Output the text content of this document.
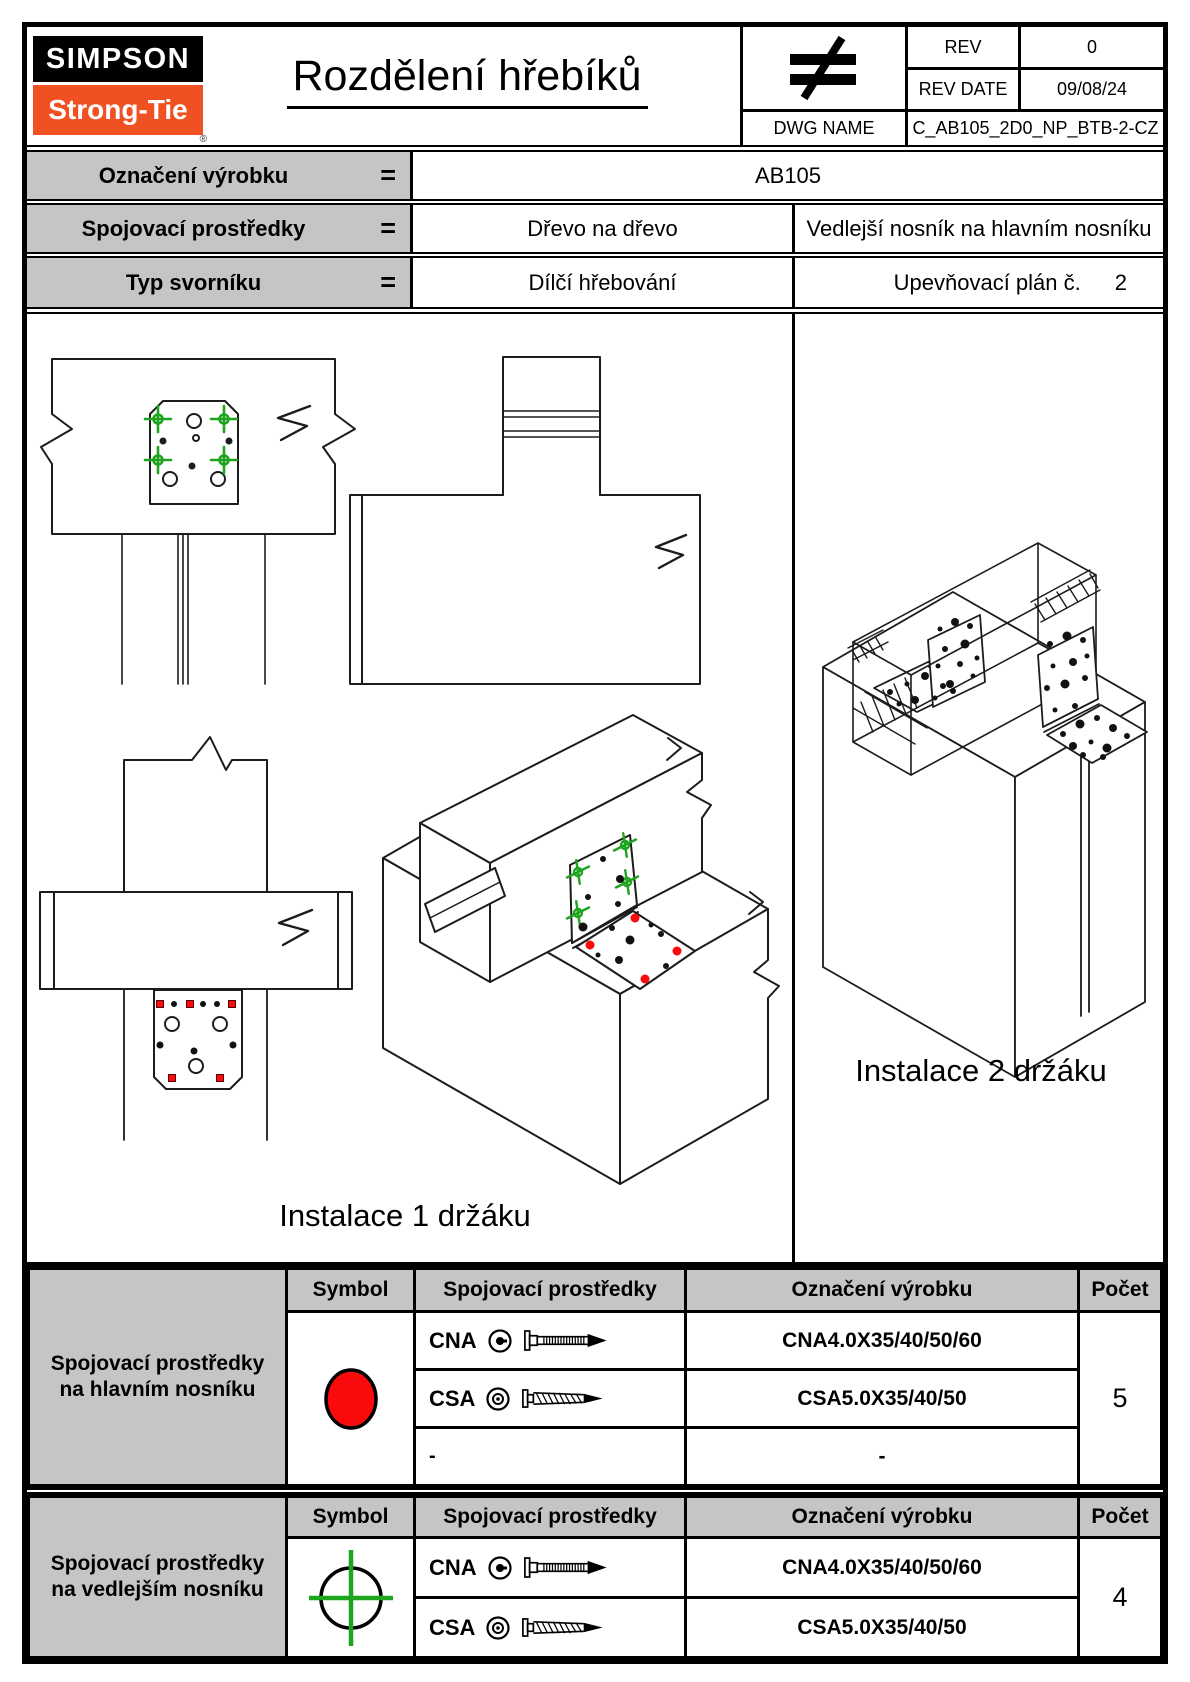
SIMPSON
Strong-Tie
®
Rozdělení hřebíků
REV	0
REV DATE	09/08/24
DWG NAME	C_AB105_2D0_NP_BTB-2-CZ
Označení výrobku	=	AB105
Spojovací prostředky	=	Dřevo na dřevo	Vedlejší nosník na hlavním nosníku
Typ svorníku	=	Dílčí hřebování	Upevňovací plán č. 2
Instalace 1 držáku
Instalace 2 držáku
Spojovací prostředky na hlavním nosníku
Symbol	Spojovací prostředky	Označení výrobku	Počet
CNA	CNA4.0X35/40/50/60
5
CSA	CSA5.0X35/40/50
-	-
Spojovací prostředky na vedlejším nosníku
Symbol	Spojovací prostředky	Označení výrobku	Počet
CNA	CNA4.0X35/40/50/60
4
CSA	CSA5.0X35/40/50
